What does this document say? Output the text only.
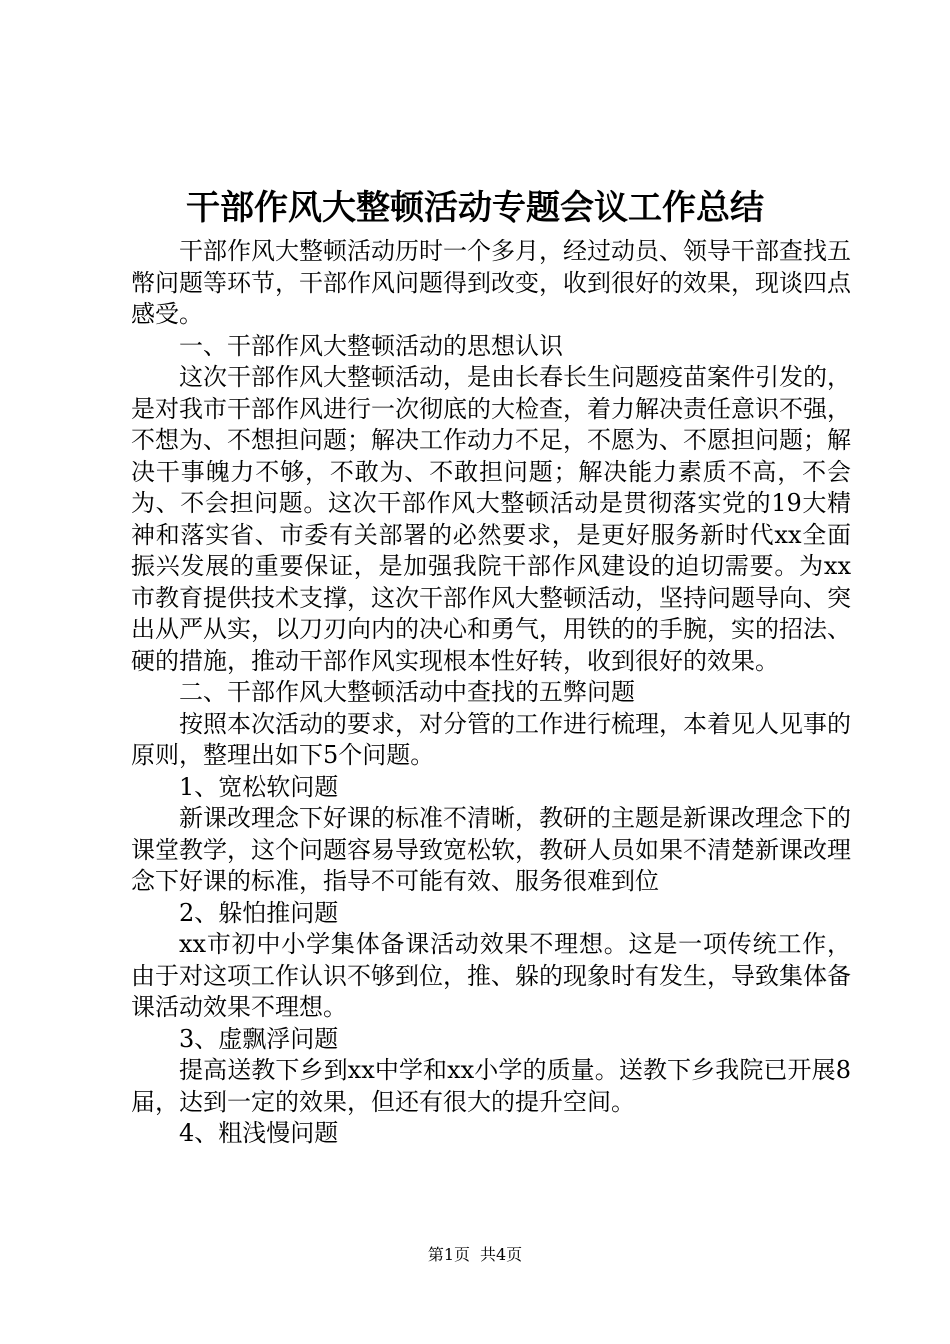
干部作风大整顿活动专题会议工作总结

干部作风大整顿活动历时一个多月，经过动员、领导干部查找五幣问题等环节，干部作风问题得到改变，收到很好的效果，现谈四点感受。

一、干部作风大整顿活动的思想认识

这次干部作风大整顿活动，是由长春长生问题疫苗案件引发的，是对我市干部作风进行一次彻底的大检查，着力解决责任意识不强，不想为、不想担问题；解决工作动力不足，不愿为、不愿担问题；解决干事魄力不够，不敢为、不敢担问题；解决能力素质不高，不会为、不会担问题。这次干部作风大整顿活动是贯彻落实党的19大精神和落实省、市委有关部署的必然要求，是更好服务新时代xx全面振兴发展的重要保证，是加强我院干部作风建设的迫切需要。为xx市教育提供技术支撑，这次干部作风大整顿活动，坚持问题导向、突出从严从实，以刀刃向内的决心和勇气，用铁的的手腕，实的招法、硬的措施，推动干部作风实现根本性好转，收到很好的效果。

二、干部作风大整顿活动中查找的五弊问题

按照本次活动的要求，对分管的工作进行梳理，本着见人见事的原则，整理出如下5个问题。

1、宽松软问题

新课改理念下好课的标准不清晰，教研的主题是新课改理念下的课堂教学，这个问题容易导致宽松软，教研人员如果不清楚新课改理念下好课的标准，指导不可能有效、服务很难到位

2、躲怕推问题

xx市初中小学集体备课活动效果不理想。这是一项传统工作，由于对这项工作认识不够到位，推、躲的现象时有发生，导致集体备课活动效果不理想。

3、虚飘浮问题

提高送教下乡到xx中学和xx小学的质量。送教下乡我院已开展8届，达到一定的效果，但还有很大的提升空间。

4、粗浅慢问题

第1页 共4页
